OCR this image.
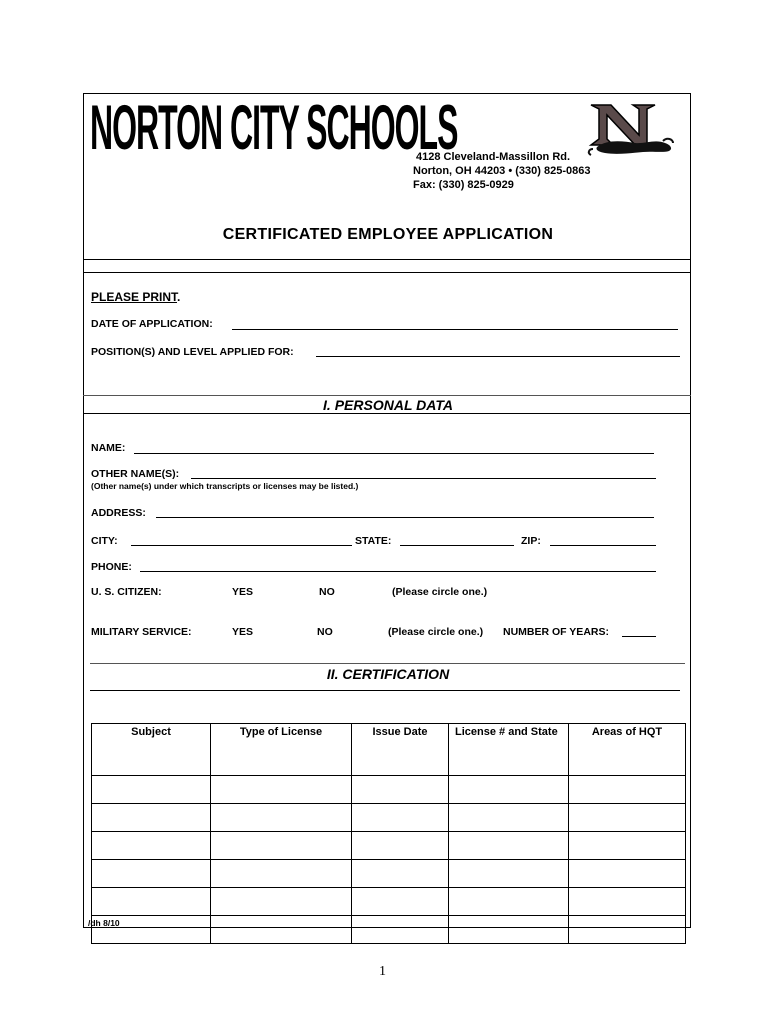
NORTON CITY SCHOOLS
4128 Cleveland-Massillon Rd.
Norton, OH 44203 • (330) 825-0863
Fax: (330) 825-0929
CERTIFICATED EMPLOYEE APPLICATION
PLEASE PRINT.
DATE OF APPLICATION:
POSITION(S) AND LEVEL APPLIED FOR:
I. PERSONAL DATA
NAME:
OTHER NAME(S):
(Other name(s) under which transcripts or licenses may be listed.)
ADDRESS:
CITY:	STATE:	ZIP:
PHONE:
U. S. CITIZEN:	YES	NO	(Please circle one.)
MILITARY SERVICE:	YES	NO	(Please circle one.) NUMBER OF YEARS:
II. CERTIFICATION
Subject	Type of License	Issue Date	License # and State	Areas of HQT

/dh 8/10
1
